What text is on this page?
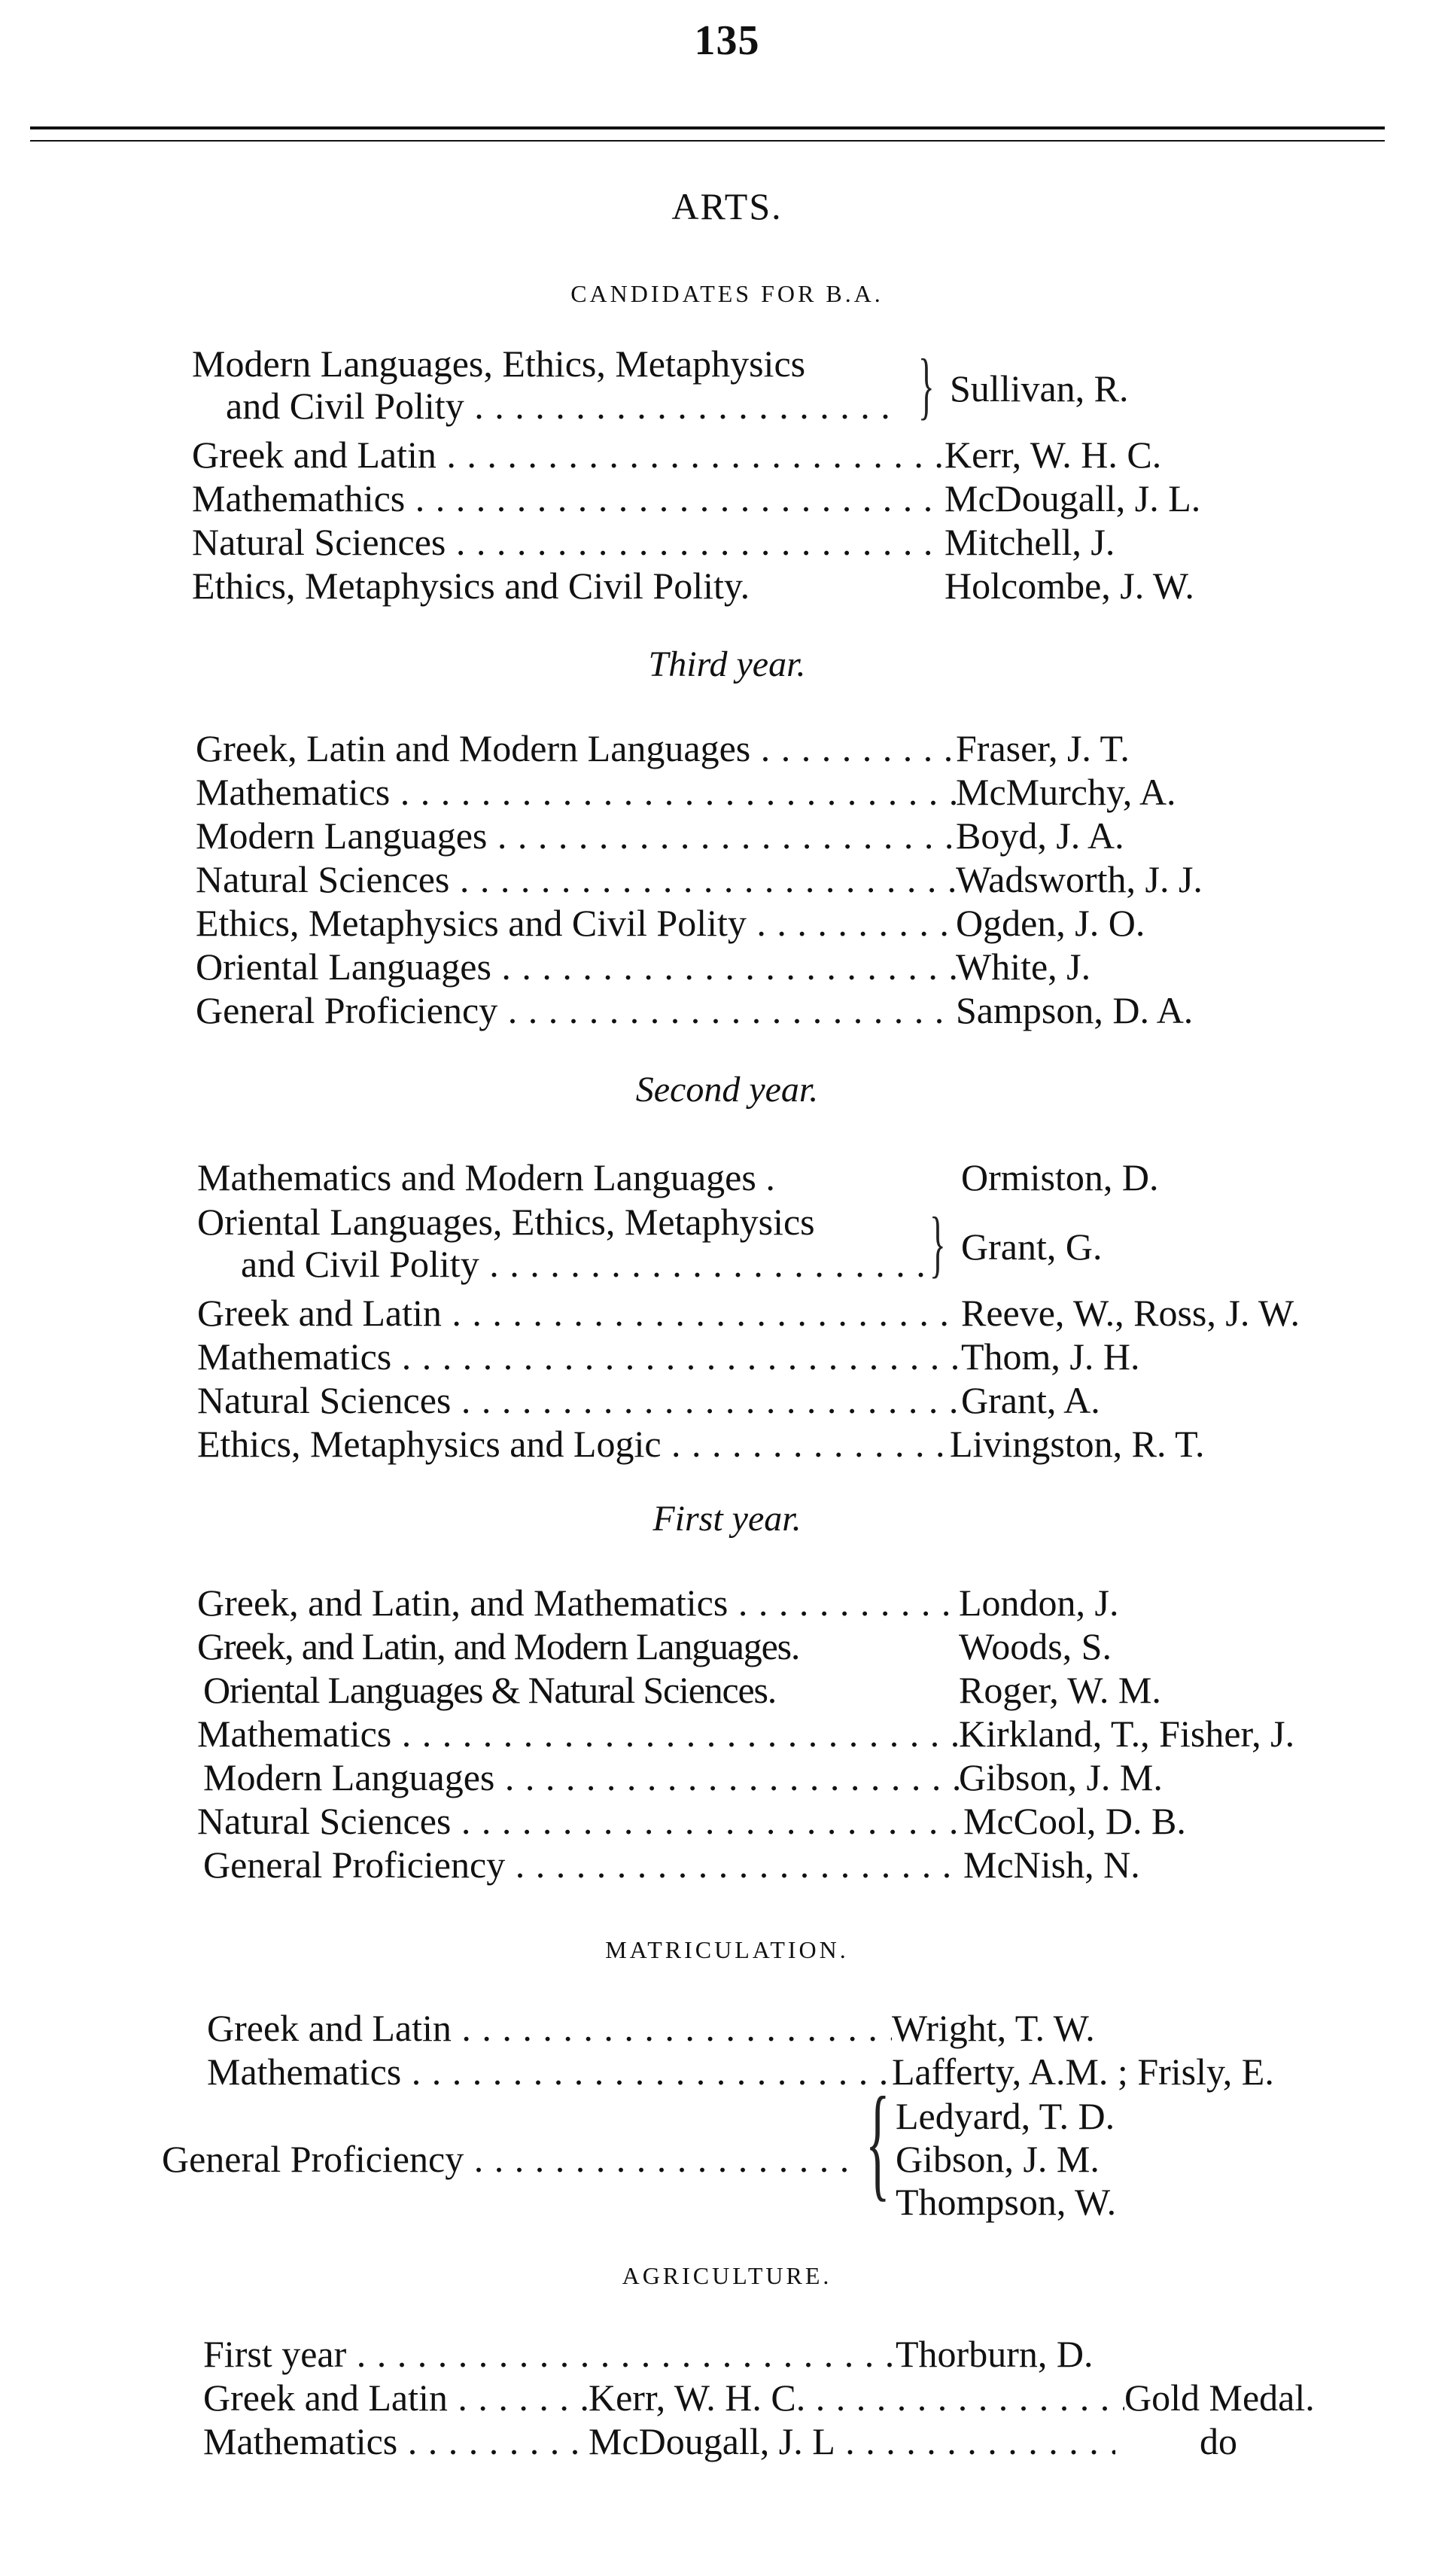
135
ARTS.
CANDIDATES FOR B.A.
Modern Languages, Ethics, Metaphysics
and Civil Polity . . .	} Sullivan, R.
Greek and Latin . . .	Kerr, W. H. C.
Mathemathics . . .	McDougall, J. L.
Natural Sciences . . .	Mitchell, J.
Ethics, Metaphysics and Civil Polity.	Holcombe, J. W.
Third year.
Greek, Latin and Modern Languages . . .	Fraser, J. T.
Mathematics . . .	McMurchy, A.
Modern Languages . . .	Boyd, J. A.
Natural Sciences . . .	Wadsworth, J. J.
Ethics, Metaphysics and Civil Polity . . .	Ogden, J. O.
Oriental Languages . . .	White, J.
General Proficiency . . .	Sampson, D. A.
Second year.
Mathematics and Modern Languages .	Ormiston, D.
Oriental Languages, Ethics, Metaphysics
and Civil Polity . . .	} Grant, G.
Greek and Latin . . .	Reeve, W., Ross, J. W.
Mathematics . . .	Thom, J. H.
Natural Sciences . . .	Grant, A.
Ethics, Metaphysics and Logic . . .	Livingston, R. T.
First year.
Greek, and Latin, and Mathematics . . .	London, J.
Greek, and Latin, and Modern Languages.	Woods, S.
Oriental Languages & Natural Sciences.	Roger, W. M.
Mathematics . . .	Kirkland, T., Fisher, J.
Modern Languages . . .	Gibson, J. M.
Natural Sciences . . .	McCool, D. B.
General Proficiency . . .	McNish, N.
MATRICULATION.
Greek and Latin . . .	Wright, T. W.
Mathematics . . .	Lafferty, A.M. ; Frisly, E.
General Proficiency . . .	{ Ledyard, T. D.
Gibson, J. M.
Thompson, W.
AGRICULTURE.
First year . . .	Thorburn, D.
Greek and Latin . . .	Kerr, W. H. C. . . .	Gold Medal.
Mathematics . . .	McDougall, J. L . . .	do
